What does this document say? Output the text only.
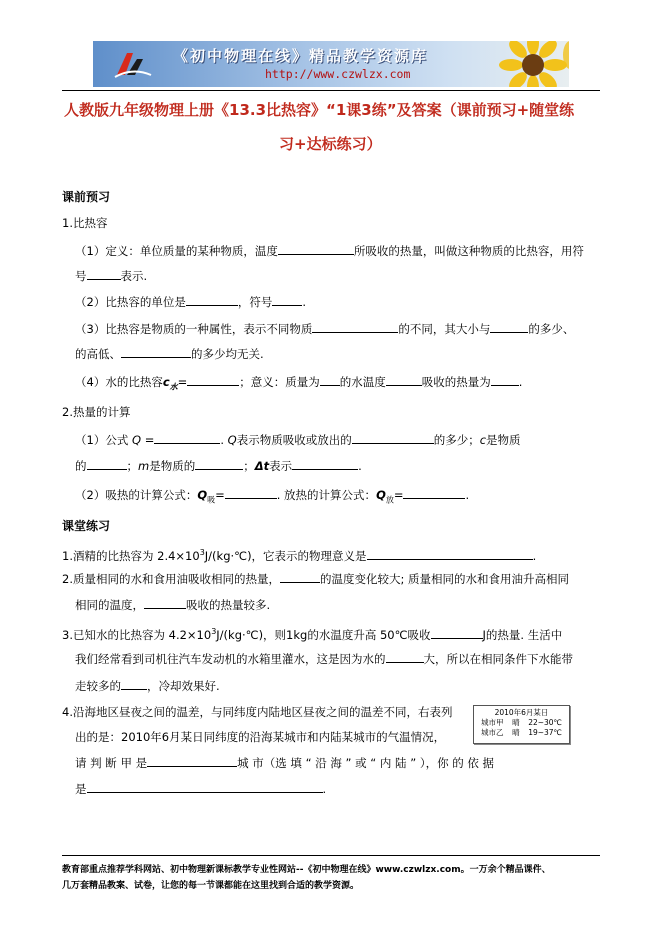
《初中物理在线》精品教学资源库
http://www.czwlzx.com
人教版九年级物理上册《13.3比热容》“1课3练”及答案（课前预习+随堂练
习+达标练习）
课前预习
1.比热容
（1）定义：单位质量的某种物质，温度	所吸收的热量，叫做这种物质的比热容，用符
号	表示.
（2）比热容的单位是	，符号	.
（3）比热容是物质的一种属性，表示不同物质	的不同，其大小与	的多少、
的高低、	的多少均无关.
（4）水的比热容$c_水=$	；意义：质量为 的水温度	吸收的热量为 .
2.热量的计算
（1）公式 Q =	. Q表示物质吸收或放出的	的多少；c是物质
的	；m是物质的	；Δt表示	.
（2）吸热的计算公式：$Q_吸=$	. 放热的计算公式：$Q_放=$	.
课堂练习
1.酒精的比热容为 $2.4\times 10^3J/(kg\cdot℃)$，它表示的物理意义是	.
2.质量相同的水和食用油吸收相同的热量，	的温度变化较大; 质量相同的水和食用油升高相同
相同的温度，	吸收的热量较多.
3.已知水的比热容为 $4.2\times 10^3J/(kg\cdot℃)$，则1kg的水温度升高 50℃吸收	J的热量. 生活中
我们经常看到司机往汽车发动机的水箱里灌水，这是因为水的	大，所以在相同条件下水能带
走较多的 ，冷却效果好.
4.沿海地区昼夜之间的温差，与同纬度内陆地区昼夜之间的温差不同，右表列
出的是：2010年6月某日同纬度的沿海某城市和内陆某城市的气温情况，
请 判 断 甲 是	城 市（选 填 “ 沿 海 ” 或 “ 内 陆 ” ），你 的 依 据
是	.
2010年6月某日
城市甲 晴 22~30℃
城市乙 晴 19~37℃
教育部重点推荐学科网站、初中物理新课标教学专业性网站--《初中物理在线》www.czwlzx.com。一万余个精品课件、
几万套精品教案、试卷，让您的每一节课都能在这里找到合适的教学资源。
